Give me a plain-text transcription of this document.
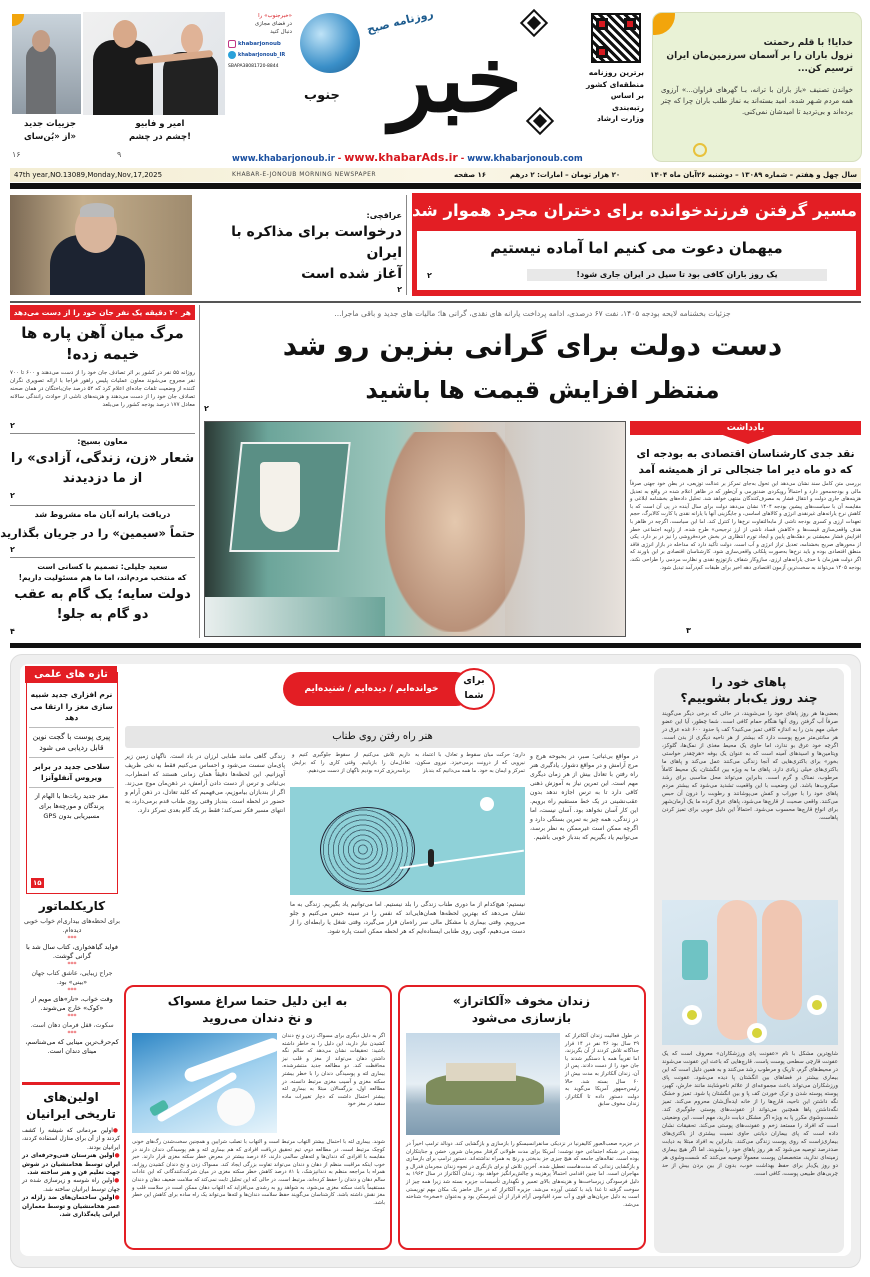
خدایا! با قلم رحمتت
نزول باران را بر آسمان سرزمین‌مان ایران
ترسیم کن...
خواندن تصنیف «باز باران با ترانه، بـا گهرهای فراوان...» آرزوی همه مردم شـهر شده. امید بسته‌اند به نماز طلب باران چرا که چتر برده‌اند و بی‌تردید تا امیدشان نمی‌کنی.
برترین روزنامه
منطقه‌ای کشور
بر اساس
رتبه‌بندی
وزارت ارشاد
روزنامه صبح
خبر
جنوب
«خبرجنوب» را
در فضای مجازی
دنبال کنید
khabarjonoub
khabarjonoub_IR
SBAPA38081720-8844
امیر و فابیو
چشم در چشم!
جزییات جدید
از «بُن‌سای»
۹
۱۶	www.khabarjonoub.ir - www.khabarAds.ir - www.khabarjonoub.com
47th year,NO.13089,Monday,Nov,17,2025	KHABAR-E-JONOUB MORNING NEWSPAPER	۱۶ صفحه	۲۰ هزار تومان – امارات: ۲ درهم	سال چهل و هفتم – شماره ۱۳۰۸۹ – دوشنبه ۲۶آبان ماه ۱۴۰۴
مسیر گرفتن فرزندخوانده برای دختران مجرد هموار شد
میهمان دعوت می کنیم اما آماده نیستیم
یک روز باران کافی بود تا سیل در ایران جاری شود!
۲
عراقچی:
درخواست برای مذاکره با ایران
آغاز شده است
۲
هر ۲۰ دقیقه یک نفر جان خود را از دست می‌دهد
مرگ میان آهن پاره ها
خیمه زده!
روزانه ۵۵ نفر در کشور بر اثر تصادف جان خود را از دست می‌دهند و ۶۰۰ تا ۷۰۰ نفر مجروح می‌شوند معاون عملیات پلیس راهور فراجا با ارائه تصویری نگران کننده از وضعیت تلفات جاده‌ای اعلام کرد که ۵۲ درصد جان‌باختگان در همان صحنه تصادف جان خود را از دست می‌دهند و هزینه‌های ناشی از حوادث رانندگی سالانه معادل ۱۷۷ درصد بودجه کشور را می‌بلعد
۲
معاون بسیج:
شعار «زن، زندگی، آزادی» را
از ما دزدیدند
۲
دریافت یارانه آبان ماه مشروط شد
حتماً «سیمین» را در جریان بگذارید
۲
سعید جلیلی: تصمیم با کسانی است
که منتخب مردم‌اند، اما ما هم مسئولیت داریم!
دولت سایه؛ یک گام به عقب
دو گام به جلو!
۴
جزئیات بخشنامه لایحه بودجه ۱۴۰۵، نفت ۶۷ درصدی، ادامه پرداخت یارانه های نقدی، گرانی ها؛ مالیات های جدید و باقی ماجرا...
دست دولت برای گرانی بنزین رو شد
منتظر افزایش قیمت ها باشید
۲
یادداشت
نقد جدی کارشناسان اقتصادی به بودجه ای
که دو ماه دیر اما جنجالی تر از همیشه آمد
بررسی متن کامل سند نشان می‌دهد این تحول به‌جای تمرکز بر عدالت توزیعی، در بطن خود جهتی صرفاً مالی و بودجه‌محور دارد و احتمالاً رویکردی ضدتورمی و آن‌طور که در ظاهر اعلام شده در واقع به تعدیل هزینه‌های جاری دولت و انتقال فشار به مصرف‌کنندگان منتهی خواهد شد. تحلیل داده‌های بخشنامه ابلاغی و مقایسه آن با سیاست‌های پیشین بودجه ۱۴۰۴ نشان می‌دهد دولت برای سال آینده در پی آن است که با کاهش نرخ یارانه‌های غیرنقدی انرژی و کالاهای اساسی، و جایگزینی آنها با یارانه نقدی یا کارت کالابرگ، حجم تعهدات ارزی و کسری بودجه ناشی از مابه‌التفاوت نرخ‌ها را کنترل کند. اما این سیاست، اگرچه در ظاهر با هدف واقعی‌سازی قیمت‌ها و «کاهش فساد ناشی از ارز ترجیحی» طرح شده، از زاویه اجتماعی خطر افزایش فشار معیشتی بر دهک‌های پایین و ایجاد تورم انتظاری در بخش خرده‌فروشی را نیز در بر دارد. یکی از محورهای صریح بخشنامه، تعدیل تراز انرژی و آب است. دولت تأکید دارد که مداخله در بازار انرژی فاقد منطق اقتصادی بوده و باید نرخ‌ها به‌صورت پلکانی واقعی‌سازی شود. کارشناسان اقتصادی بر این باورند که اگر دولت هم‌زمان با حذف یارانه‌های ارزی، سازوکار شفاف بازتوزیع نقدی و نظارت مردمی را طراحی نکند، بودجه ۱۴۰۵ می‌تواند به سخت‌ترین آزمون اقتصادی دهه اخیر برای طبقات کم‌درآمد تبدیل شود.
۳
تازه های علمی
نرم افزاری جدید شبیه سازی مغز را ارتقا می دهد
پیری پوست با گجت نوین قابل ردیابی می شود
سلاحی جدید در برابر ویروس آنفلوآنزا
مغز جدید ربات‌ها با الهام از پرندگان و مورچه‌ها برای مسیریابی بدون GPS
۱۵
کاریکلماتور
برای لحظه‌های بیداری‌ام خواب خوبی دیده‌ام.
***
فواید گیاهخواری، کتاب سال شد با گرانی گوشت.
***
جراح زیبایی، عاشق کتاب جهان «بینی» بود.
***
وقت خواب، «تار»های مویم از «کوک» خارج می‌شوند.
***
سکوت، قفل فرمان دهان است.
***
کم‌حرف‌ترین مینایی که می‌شناسم، مینای دندان است.
اولین‌های
تاریخی ایرانیان
●اولین مردمانی که شیشه را کشف کردند و از آن برای منازل استفاده کردند، ایرانیان بودند.
●اولین هنرستان فنی‌وحرفه‌ای در ایران توسط هخامنشیان در شوش جهت تعلیم فن و هنر ساخته شد.
●اولین راه شوسه و زیرسازی شده در جهان توسط ایرانیان ساخته شد.
●اولین ساختمان‌های ضد زلزله در عصر هخامنشیان و توسط معماران ایرانی پایه‌گذاری شد.
خوانده‌ایم / دیده‌ایم / شنیده‌ایم
برای
شما
هنر راه رفتن روی طناب
در مواقع بی‌ثباتی؛ صبر، در بحبوحه هرج و مرج آرامش و در مواقع دشوار، یادگیری هنر راه رفتن با تعادل بیش از هر زمان دیگری مهم است. این تمرین نیاز به آموزش ذهنی کافی دارد تا به ترس اجازه ندهد بدون عقب‌نشینی در یک خط مستقیم راه برویم. این کار آسان نخواهد بود. آسان نیست، اما در زندگی، همه چیز به تمرین بستگی دارد و اگرچه ممکن است غیرممکن به نظر برسد، می‌توانیم یاد بگیریم که بندباز خوبی باشیم.
داری؛ حرکت میان سقوط و تعادل، با اعتماد به نیرویی که از درونت برمی‌خیزد. نیروی سکون، تمرکز و ایمان به خود. ما همه می‌دانیم که بندباز
داریم تلاش می‌کنیم از سقوط جلوگیری کنیم و تعادل‌مان را بازیابیم. وقتی کاری را که برایش برنامه‌ریزی کرده بودیم ناگهان از دست می‌دهیم.
زندگی گاهی مانند طنابی لرزان در باد است. ناگهان زمین زیر پای‌مان سست می‌شود و احساس می‌کنیم فقط به نخی ظریف آویزانیم. این لحظه‌ها دقیقاً همان زمانی هستند که اضطراب، بی‌ثباتی و ترس از دست دادن آرامش، در ذهن‌مان موج می‌زند. اگر از بندبازان بیاموزیم، می‌فهمیم که کلید تعادل، در ذهن آرام و حضور در لحظه است. بندباز وقتی روی طناب قدم برمی‌دارد، به انتهای مسیر فکر نمی‌کند؛ فقط بر یک گام بعدی تمرکز دارد.
نیستیم؛ هیچ‌کدام از ما دوری طناب زندگی را بلد نیستیم. اما می‌توانیم یاد بگیریم. زندگی به ما نشان می‌دهد که بهترین لحظه‌ها همان‌هایی‌اند که نفس را در سینه حبس می‌کنیم و جلو می‌رویم. وقتی بیماری یا مشکل مالی سر راه‌مان قرار می‌گیرد، وقتی شغل یا رابطه‌ای را از دست می‌دهیم، گویی روی طنابی ایستاده‌ایم که هر لحظه ممکن است پاره شود.
پاهای خود را
چند روز یک‌بار بشوییم؟
بعضی‌ها هر روز پاهای خود را می‌شویند، در حالی که برخی دیگر می‌گویند صرفاً آب گرفتن روی آنها هنگام حمام کافی است. شما چطور، آیا این عضو خیلی مهم بدن را به اندازه کافی تمیز می‌کنید؟ کف پا حدود ۶۰۰ غده عرق در هر سانتی‌متر مربع پوست دارد که بیشتر از هر ناحیه دیگری از بدن است. اگرچه خود عرق بو ندارد، اما حاوی یک محیط مغذی از نمک‌ها، گلوکز، ویتامین‌ها و اسیدهای آمینه است که به عنوان یک بوفه «هرچقدر خواستی بخور» برای باکتری‌هایی که آنجا زندگی می‌کنند عمل می‌کند و پاهای ما باکتری‌های خیلی زیادی دارد. پاهای ما به ویژه بین انگشتان، یک محیط کاملاً مرطوب، نمناک و گرم است. بنابراین می‌تواند محل مناسبی برای رشد میکروب‌ها باشد. این وضعیت با این واقعیت تشدید می‌شود که بیشتر مردم پاهای خود را با جوراب و کفش می‌پوشانند و رطوبت را درون آن حبس می‌کنند. واقعی صحبت از قارچ‌ها می‌شود، پاهای عرق کرده ما یک آرمان‌شهر برای انواع قارچ‌ها محسوب می‌شود. احتمالاً این دلیل خوبی برای تمیز کردن پاهاست.
شایع‌ترین مشکل با نام «عفونت پای ورزشکاران» معروف است که یک عفونت قارچی سطحی پوست پاست. قارچ‌هایی که باعث این عفونت می‌شوند در محیط‌های گرم، تاریک و مرطوب رشد می‌کنند و به همین دلیل است که این بیماری بیشتر در فضاهای بین انگشتان پا دیده می‌شود. عفونت پای ورزشکاران می‌تواند باعث مجموعه‌ای از علائم ناخوشایند مانند خارش، کهیر، پوسته پوسته شدن و ترک خوردن کف پا و بین انگشتان پا شود. تمیز و خشک نگه داشتن این ناحیه، قارچ‌ها را از خانه ایده‌آل‌شان محروم می‌کند. تمیز نگه‌داشتن پاها همچنین می‌تواند از عفونت‌های پوستی جلوگیری کند. شست‌وشوی مکرر پا به ویژه اگر مشکل دیابت دارید، مهم است. این وضعیتی است که افراد را مستعد زخم و عفونت‌های پوستی می‌کند. تحقیقات نشان داده است که پای بیماران دیابتی حاوی نسبت بیشتری از باکتری‌های بیماری‌زاست که روی پوست زندگی می‌کنند. بنابراین به افراد مبتلا به دیابت صددرصد توصیه می‌شود که هر روز پاهای خود را بشویند. اما اگر هیچ بیماری زمینه‌ای ندارید، متخصصان پوست معمولاً توصیه می‌کنند که شست‌وشوی هر دو روز یک‌بار برای حفظ بهداشت خوب، بدون از بین بردن بیش از حد چربی‌های طبیعی پوست، کافی است.
زندان مخوف «آلکاتراز»
بازسازی می‌شود
در طول فعالیت زندان آلکاتراز که ۲۹ سال بود ۳۶ نفر در ۱۴ فرار جداگانه تلاش کردند از آن بگریزند، اما تقریباً همه یا دستگیر شدند یا جان خود را از دست دادند. پس از آن، زندان آلکاتراز به مدت بیش از ۶۰ سال بسته شد. حالا رئیس‌جمهور آمریکا می‌گوید به دولت دستور داده تا آلکاتراز، زندان مخوف سابق
در جزیره صعب‌العبور کالیفرنیا در نزدیکی سانفرانسیسکو را بازسازی و بازگشایی کند. دونالد ترامپ اخیراً در پستی در شبکه اجتماعی خود نوشت: آمریکا برای مدت طولانی گرفتار مجرمان شرور، خشن و جنایتکاران بوده است. تفاله‌های جامعه که هیچ چیزی جز بدبختی و رنج به همراه نداشته‌اند. دستور ترامپ برای بازسازی و بازگشایی زندانی که مدت‌هاست تعطیل شده. آخرین تلاش او برای بازنگری در نحوه زندان مجرمان فدرال و مهاجران است. اما چنین اقدامی احتمالاً پرهزینه و چالش‌برانگیز خواهد بود. زندان آلکاتراز در سال ۱۹۶۳ به دلیل فرسودگی زیرساخت‌ها و هزینه‌های بالای تعمیر و نگهداری تأسیسات جزیره بسته شد زیرا همه چیز از سوخت گرفته تا غذا باید با کشتی آورده می‌شد. جزیره آلکاتراز که در حال حاضر یک مکان مهم توریستی است به دلیل جریان‌های قوی و آب سرد اقیانوس آرام قرار از آن غیرممکن بود و به‌عنوان «صخره» شناخته می‌شد.
به این دلیل حتما سراغ مسواک
و نخ دندان می‌روید
اگر به دلیل دیگری برای مسواک زدن و نخ دندان کشیدن نیاز دارید، این دلیل را به خاطر داشته باشید: تحقیقات نشان می‌دهد که سالم نگه داشتن دهان می‌تواند از مغز و قلب نیز محافظت کند. دو مطالعه جدید منتشرشده، بیماری لثه و پوسیدگی دندان را با خطر بیشتر سکته مغزی و آسیب مغزی مرتبط دانسته. در مطالعه اول، بزرگسالان مبتلا به بیماری لثه بیشتر احتمال داشت که دچار تغییرات ماده سفید در مغز خود
شوند. بیماری لثه با احتمال بیشتر التهاب مرتبط است و التهاب با تصلب شرایین و همچنین سخت‌شدن رگ‌های خونی کوچک مرتبط است. در مطالعه دوم، تیم تحقیق دریافت افرادی که هم بیماری لثه و هم پوسیدگی دندان دارند در مقایسه با افرادی که دندان‌ها و لثه‌های سالمی دارند، ۸۶ درصد بیشتر در معرض خطر سکته مغزی قرار دارند. خبر خوب اینکه مراقبت منظم از دهان و دندان می‌تواند تفاوت بزرگی ایجاد کند. مسواک زدن و نخ دندان کشیدن روزانه، همراه با مراجعه منظم به دندانپزشک، با ۸۱ درصد کاهش خطر سکته مغزی در میان شرکت‌کنندگانی که این عادات سالم دهان و دندان را حفظ کرده‌اند، مرتبط است. در حالی که این تحلیل ثابت نمی‌کند که سلامت ضعیف دهان و دندان مستقیماً باعث سکته مغزی می‌شود، به شواهد رو به رشدی می‌افزاید که التهاب دهان ممکن است در سلامت قلب و مغز نقش داشته باشد. کارشناسان می‌گویند حفظ سلامت دندان‌ها و لثه‌ها می‌تواند یک راه ساده برای کاهش این خطر باشد.
